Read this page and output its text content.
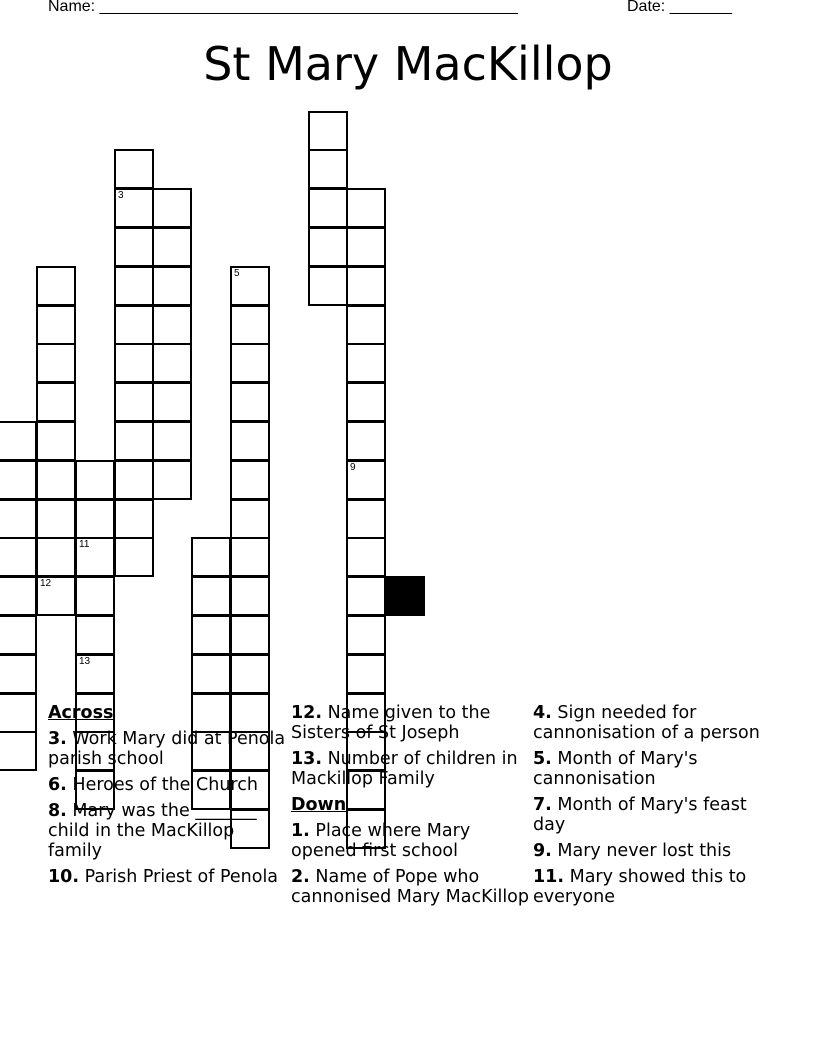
Name: _______________________________________________	Date: _______
St Mary MacKillop
3
12
11
13
5
9
Across
3. Work Mary did at Penola parish school
6. Heroes of the Church
8. Mary was the _______ child in the MacKillop family
10. Parish Priest of Penola
12. Name given to the Sisters of St Joseph
13. Number of children in Mackillop Family
Down
1. Place where Mary opened first school
2. Name of Pope who cannonised Mary MacKillop
4. Sign needed for cannonisation of a person
5. Month of Mary's cannonisation
7. Month of Mary's feast day
9. Mary never lost this
11. Mary showed this to everyone
